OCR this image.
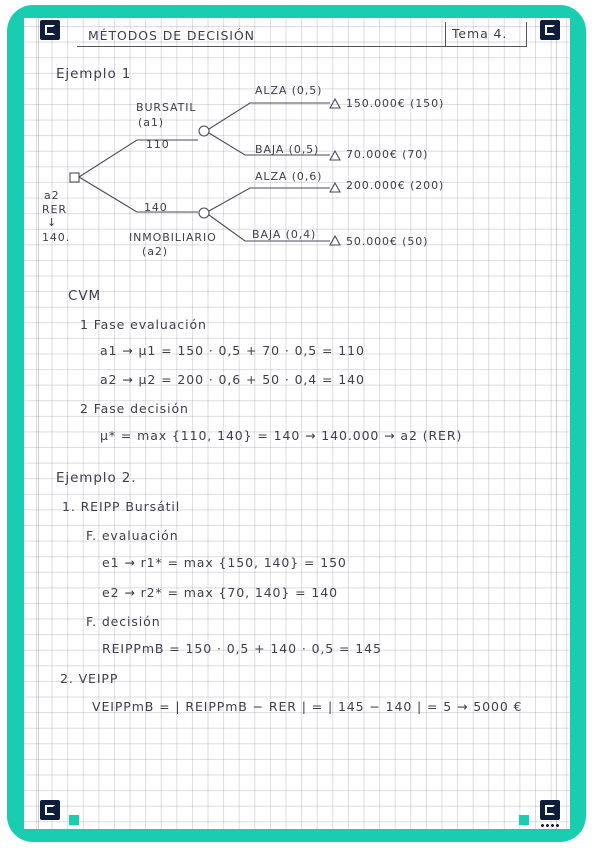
MÉTODOS DE DECISIÓN	Tema 4.
Ejemplo 1
a2
RER
↓
140.
BURSATIL
(a1)
110
ALZA (0,5)
150.000€ (150)
BAJA (0,5) 70.000€ (70)
140
INMOBILIARIO
(a2)
ALZA (0,6)
200.000€ (200)
BAJA (0,4)
50.000€ (50)
CVM
1 Fase evaluación
a1 → μ1 = 150 · 0,5 + 70 · 0,5 = 110
a2 → μ2 = 200 · 0,6 + 50 · 0,4 = 140
2 Fase decisión
μ* = max {110, 140} = 140 → 140.000 → a2 (RER)
Ejemplo 2.
1. REIPP Bursátil
F. evaluación
e1 → r1* = max {150, 140} = 150
e2 → r2* = max {70, 140} = 140
F. decisión
REIPPmB = 150 · 0,5 + 140 · 0,5 = 145
2. VEIPP
VEIPPmB = | REIPPmB − RER | = | 145 − 140 | = 5 → 5000 €
